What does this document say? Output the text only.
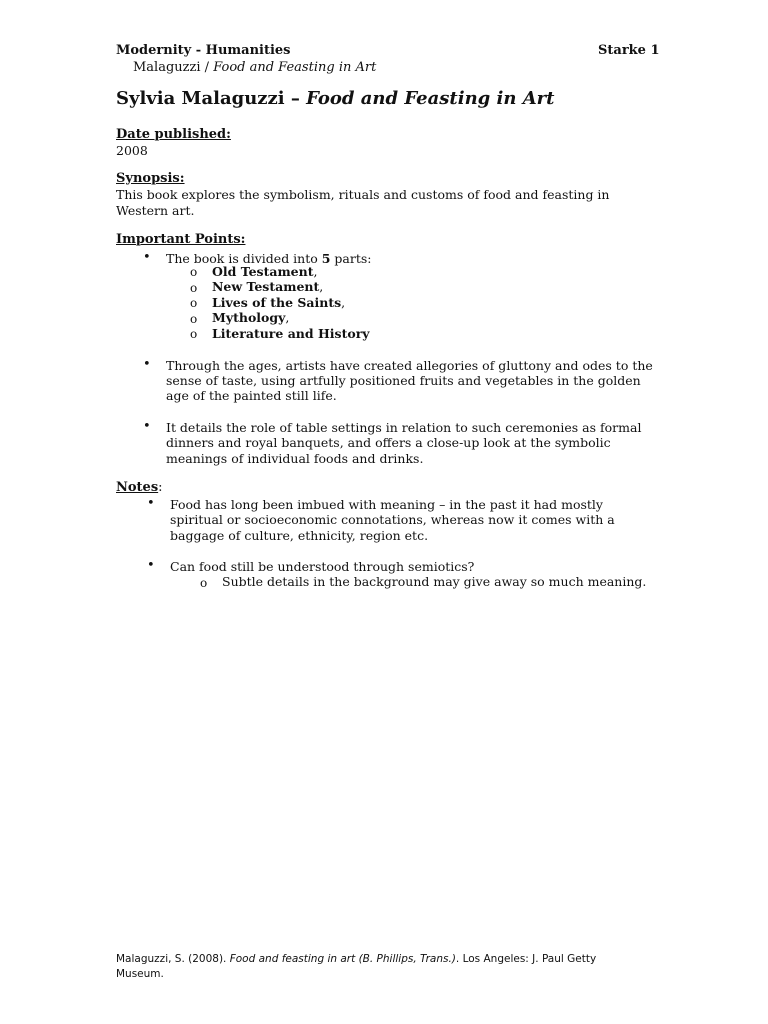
Modernity - Humanities	Starke 1
Malaguzzi / Food and Feasting in Art
Sylvia Malaguzzi – Food and Feasting in Art
Date published:
2008
Synopsis:
This book explores the symbolism, rituals and customs of food and feasting in
Western art.
Important Points:
• The book is divided into 5 parts:
o Old Testament,
o New Testament,
o Lives of the Saints,
o Mythology,
o Literature and History
• Through the ages, artists have created allegories of gluttony and odes to the
sense of taste, using artfully positioned fruits and vegetables in the golden
age of the painted still life.
• It details the role of table settings in relation to such ceremonies as formal
dinners and royal banquets, and offers a close-up look at the symbolic
meanings of individual foods and drinks.
Notes:
• Food has long been imbued with meaning – in the past it had mostly
spiritual or socioeconomic connotations, whereas now it comes with a
baggage of culture, ethnicity, region etc.
• Can food still be understood through semiotics?
o Subtle details in the background may give away so much meaning.
Malaguzzi, S. (2008). Food and feasting in art (B. Phillips, Trans.). Los Angeles: J. Paul Getty
Museum.
